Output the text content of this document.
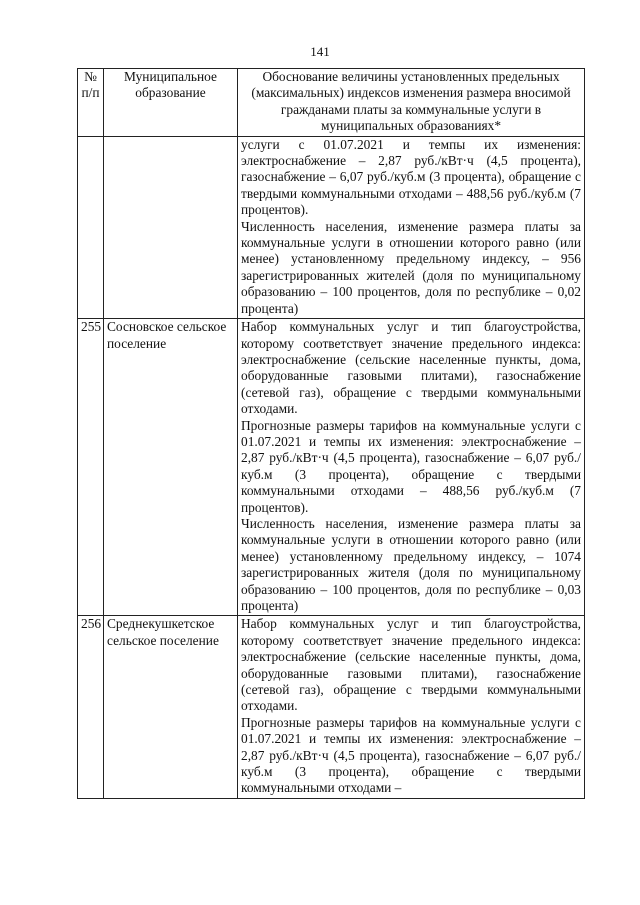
141
№ п/п	Муниципальное образование	Обоснование величины установленных предельных (максимальных) индексов изменения размера вносимой гражданами платы за коммунальные услуги в муниципальных образованиях*

		услуги с 01.07.2021 и темпы их изменения: электроснабжение – 2,87 руб./кВт·ч (4,5 процента), газоснабжение – 6,07 руб./куб.м (3 процента), обращение с твердыми коммунальными отходами – 488,56 руб./куб.м (7 процентов).

Численность населения, изменение размера платы за коммунальные услуги в отношении которого равно (или менее) установленному предельному индексу, – 956 зарегистрированных жителей (доля по муниципальному образованию – 100 процентов, доля по республике – 0,02 процента)

255	Сосновское сельское поселение	Набор коммунальных услуг и тип благоустройства, которому соответствует значение предельного индекса: электроснабжение (сельские населенные пункты, дома, оборудованные газовыми плитами), газоснабжение (сетевой газ), обращение с твердыми коммунальными отходами.

Прогнозные размеры тарифов на коммунальные услуги с 01.07.2021 и темпы их изменения: электроснабжение – 2,87 руб./кВт·ч (4,5 процента), газоснабжение – 6,07 руб./куб.м (3 процента), обращение с твердыми коммунальными отходами – 488,56 руб./куб.м (7 процентов).

Численность населения, изменение размера платы за коммунальные услуги в отношении которого равно (или менее) установленному предельному индексу, – 1074 зарегистрированных жителя (доля по муниципальному образованию – 100 процентов, доля по республике – 0,03 процента)

256	Среднекушкетское сельское поселение	Набор коммунальных услуг и тип благоустройства, которому соответствует значение предельного индекса: электроснабжение (сельские населенные пункты, дома, оборудованные газовыми плитами), газоснабжение (сетевой газ), обращение с твердыми коммунальными отходами.

Прогнозные размеры тарифов на коммунальные услуги с 01.07.2021 и темпы их изменения: электроснабжение – 2,87 руб./кВт·ч (4,5 процента), газоснабжение – 6,07 руб./куб.м (3 процента), обращение с твердыми коммунальными отходами –
